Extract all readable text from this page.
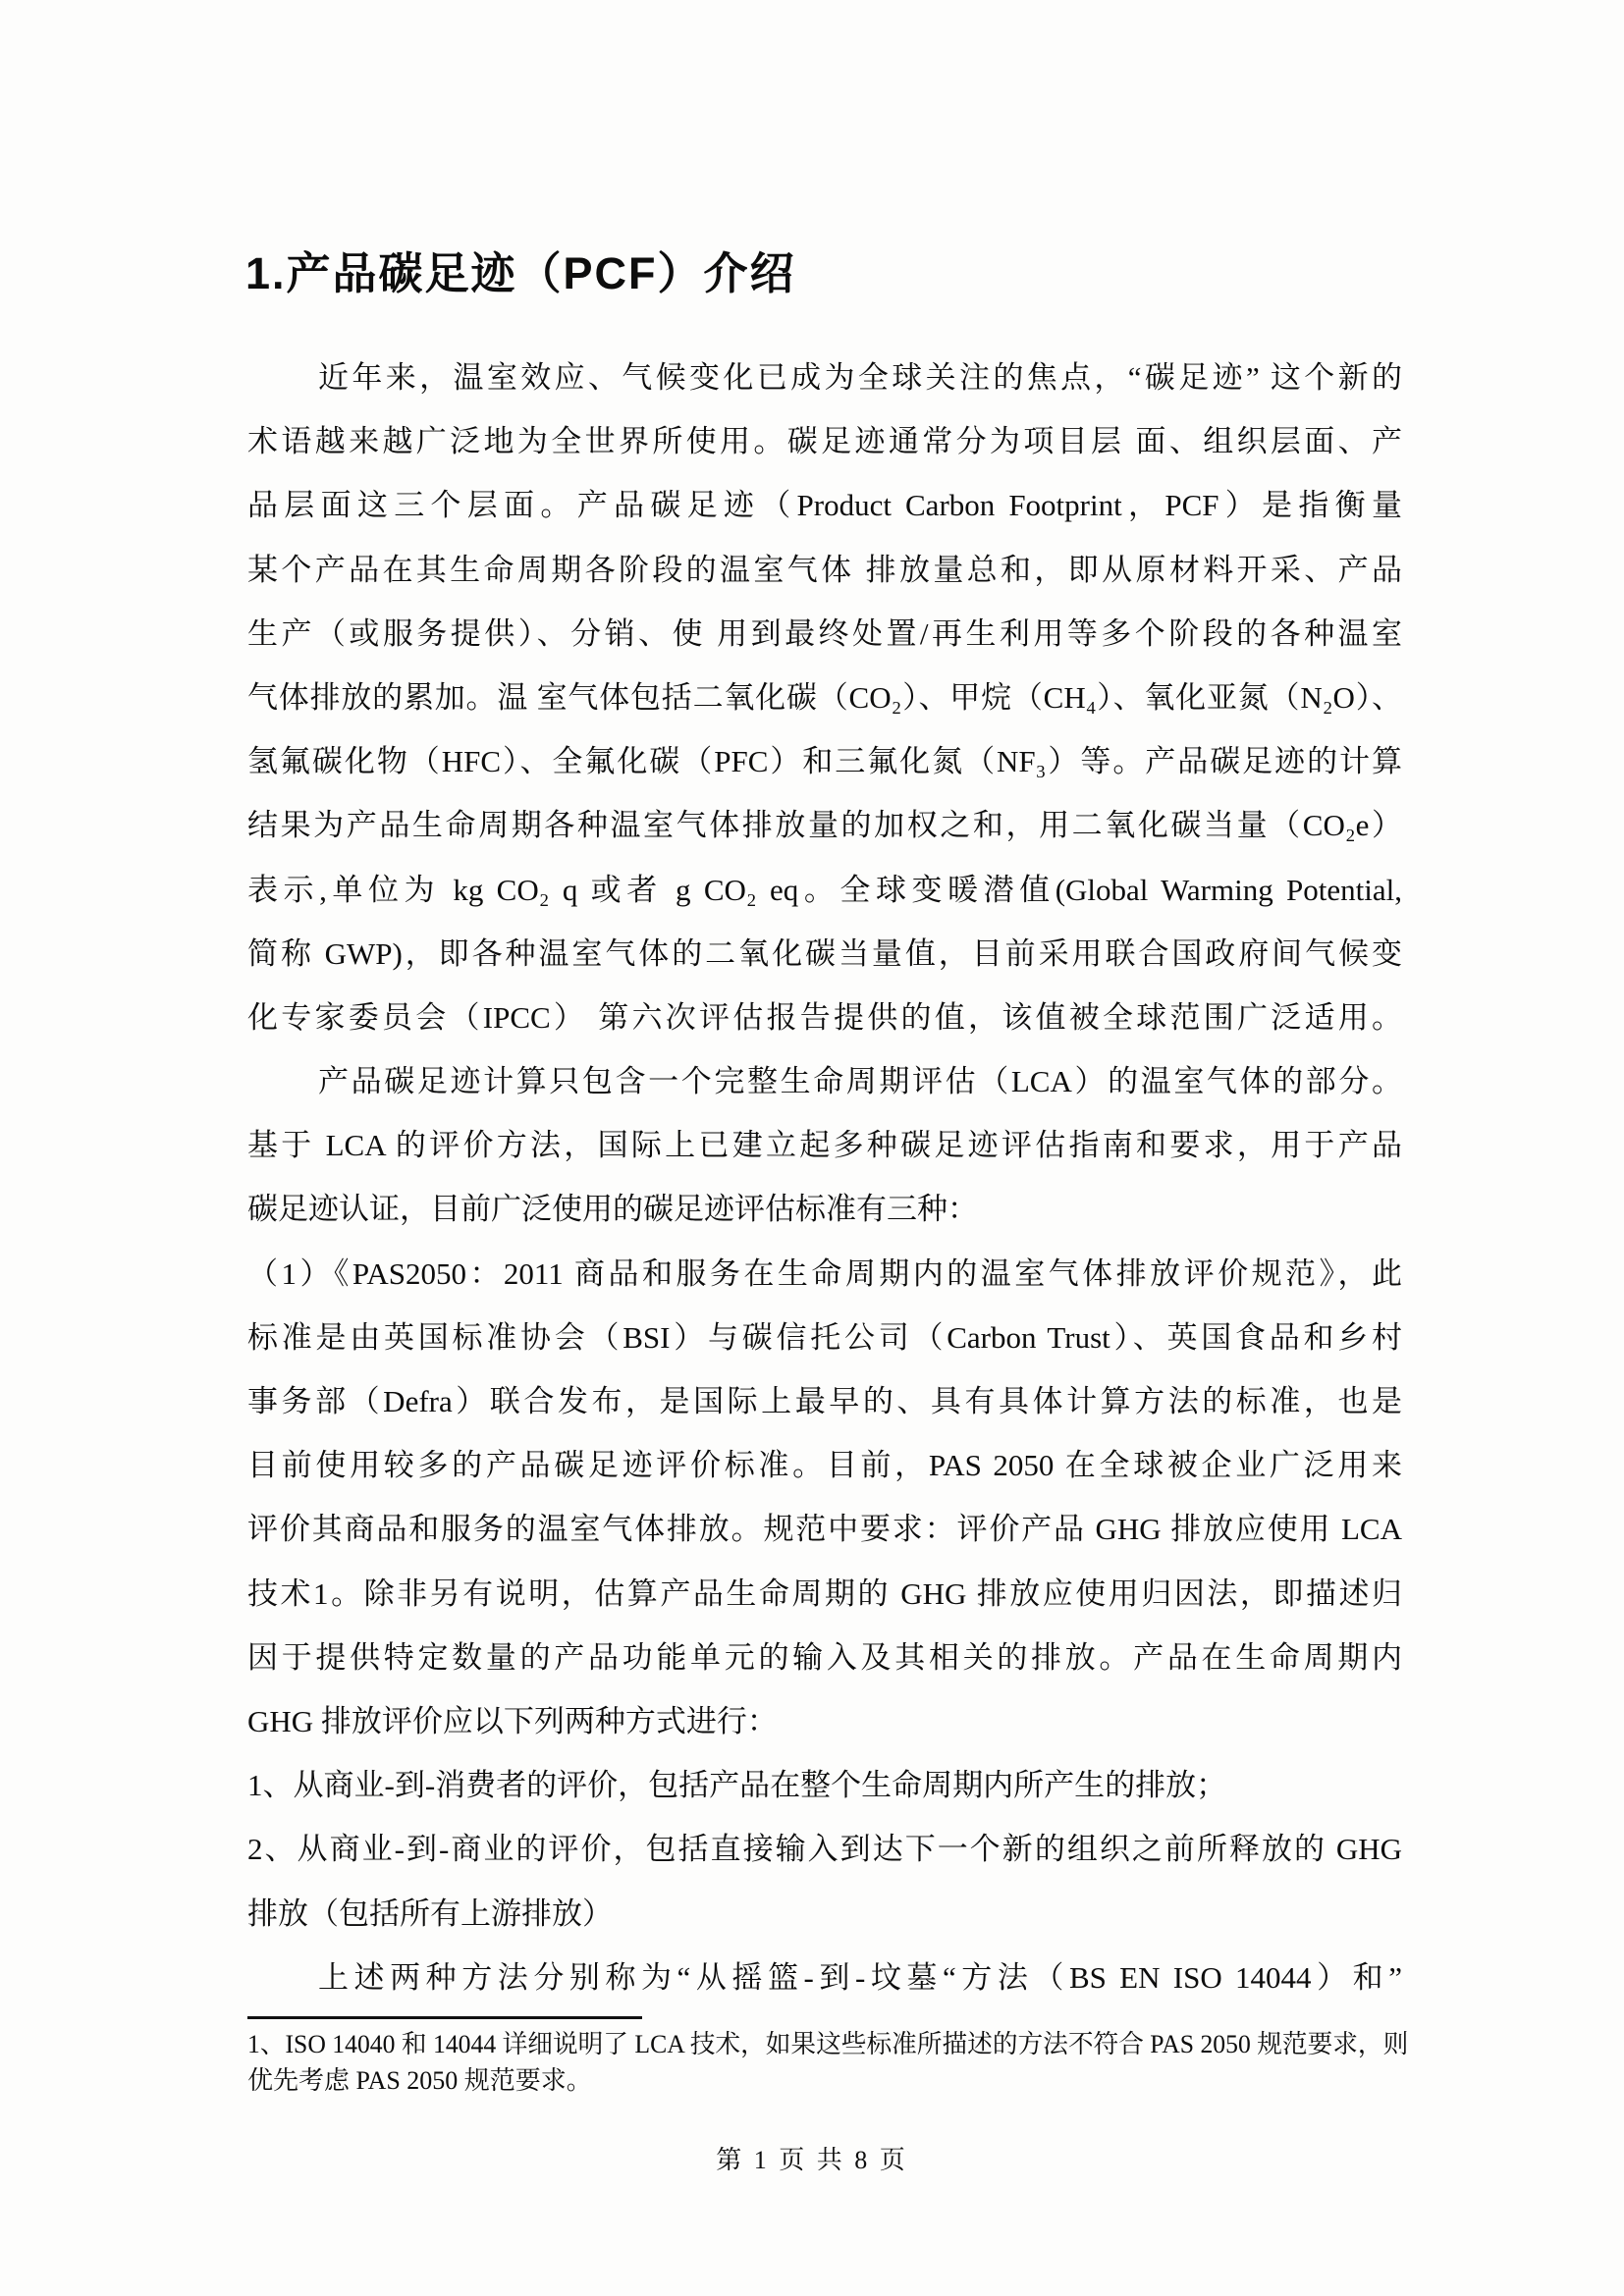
1.产品碳足迹（PCF）介绍
近年来，温室效应、气候变化已成为全球关注的焦点，“碳足迹” 这个新的
术语越来越广泛地为全世界所使用。碳足迹通常分为项目层 面、组织层面、产
品层面这三个层面。产品碳足迹（Product Carbon Footprint，PCF）是指衡量
某个产品在其生命周期各阶段的温室气体 排放量总和，即从原材料开采、产品
生产（或服务提供）、分销、使 用到最终处置/再生利用等多个阶段的各种温室
气体排放的累加。温 室气体包括二氧化碳（CO₂）、甲烷（CH₄）、氧化亚氮（N₂O）、
氢氟碳化物（HFC）、全氟化碳（PFC）和三氟化氮（NF₃）等。产品碳足迹的计算
结果为产品生命周期各种温室气体排放量的加权之和，用二氧化碳当量（CO₂e）
表示,单位为 kg CO₂ q 或者 g CO₂ eq。全球变暖潜值(Global Warming Potential,
简称 GWP)，即各种温室气体的二氧化碳当量值，目前采用联合国政府间气候变
化专家委员会（IPCC） 第六次评估报告提供的值，该值被全球范围广泛适用。
产品碳足迹计算只包含一个完整生命周期评估（LCA）的温室气体的部分。
基于 LCA 的评价方法，国际上已建立起多种碳足迹评估指南和要求，用于产品
碳足迹认证，目前广泛使用的碳足迹评估标准有三种：
（1）《PAS2050：2011 商品和服务在生命周期内的温室气体排放评价规范》，此
标准是由英国标准协会（BSI）与碳信托公司（Carbon Trust）、英国食品和乡村
事务部（Defra）联合发布，是国际上最早的、具有具体计算方法的标准，也是
目前使用较多的产品碳足迹评价标准。目前，PAS 2050 在全球被企业广泛用来
评价其商品和服务的温室气体排放。规范中要求：评价产品 GHG 排放应使用 LCA
技术1。除非另有说明，估算产品生命周期的 GHG 排放应使用归因法，即描述归
因于提供特定数量的产品功能单元的输入及其相关的排放。产品在生命周期内
GHG 排放评价应以下列两种方式进行：
1、从商业-到-消费者的评价，包括产品在整个生命周期内所产生的排放；
2、从商业-到-商业的评价，包括直接输入到达下一个新的组织之前所释放的 GHG
排放（包括所有上游排放）
上述两种方法分别称为“从摇篮-到-坟墓“方法（BS EN ISO 14044）和”
1、ISO 14040 和 14044 详细说明了 LCA 技术，如果这些标准所描述的方法不符合 PAS 2050 规范要求，则
优先考虑 PAS 2050 规范要求。
第 1 页 共 8 页
